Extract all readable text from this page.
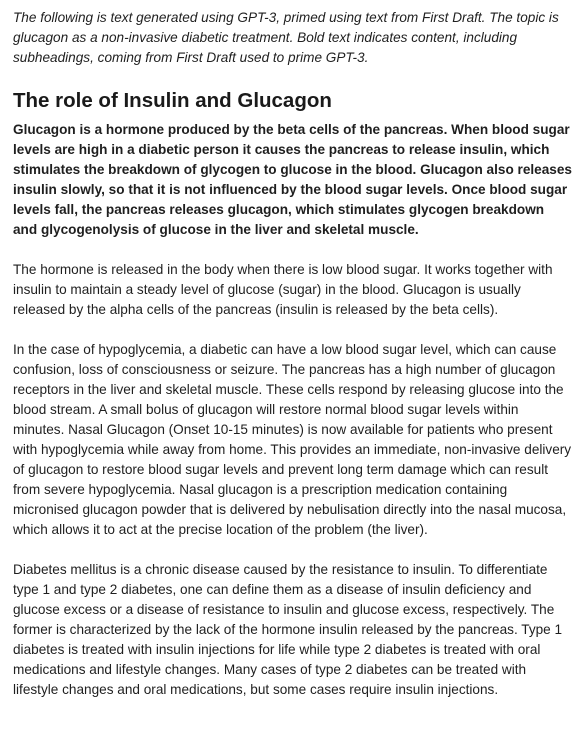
The following is text generated using GPT-3, primed using text from First Draft. The topic is glucagon as a non-invasive diabetic treatment. Bold text indicates content, including subheadings, coming from First Draft used to prime GPT-3.

The role of Insulin and Glucagon

Glucagon is a hormone produced by the beta cells of the pancreas. When blood sugar levels are high in a diabetic person it causes the pancreas to release insulin, which stimulates the breakdown of glycogen to glucose in the blood. Glucagon also releases insulin slowly, so that it is not influenced by the blood sugar levels. Once blood sugar levels fall, the pancreas releases glucagon, which stimulates glycogen breakdown and glycogenolysis of glucose in the liver and skeletal muscle.

The hormone is released in the body when there is low blood sugar. It works together with insulin to maintain a steady level of glucose (sugar) in the blood. Glucagon is usually released by the alpha cells of the pancreas (insulin is released by the beta cells).

In the case of hypoglycemia, a diabetic can have a low blood sugar level, which can cause confusion, loss of consciousness or seizure. The pancreas has a high number of glucagon receptors in the liver and skeletal muscle. These cells respond by releasing glucose into the blood stream. A small bolus of glucagon will restore normal blood sugar levels within minutes. Nasal Glucagon (Onset 10-15 minutes) is now available for patients who present with hypoglycemia while away from home. This provides an immediate, non-invasive delivery of glucagon to restore blood sugar levels and prevent long term damage which can result from severe hypoglycemia. Nasal glucagon is a prescription medication containing micronised glucagon powder that is delivered by nebulisation directly into the nasal mucosa, which allows it to act at the precise location of the problem (the liver).

Diabetes mellitus is a chronic disease caused by the resistance to insulin. To differentiate type 1 and type 2 diabetes, one can define them as a disease of insulin deficiency and glucose excess or a disease of resistance to insulin and glucose excess, respectively. The former is characterized by the lack of the hormone insulin released by the pancreas. Type 1 diabetes is treated with insulin injections for life while type 2 diabetes is treated with oral medications and lifestyle changes. Many cases of type 2 diabetes can be treated with lifestyle changes and oral medications, but some cases require insulin injections.
